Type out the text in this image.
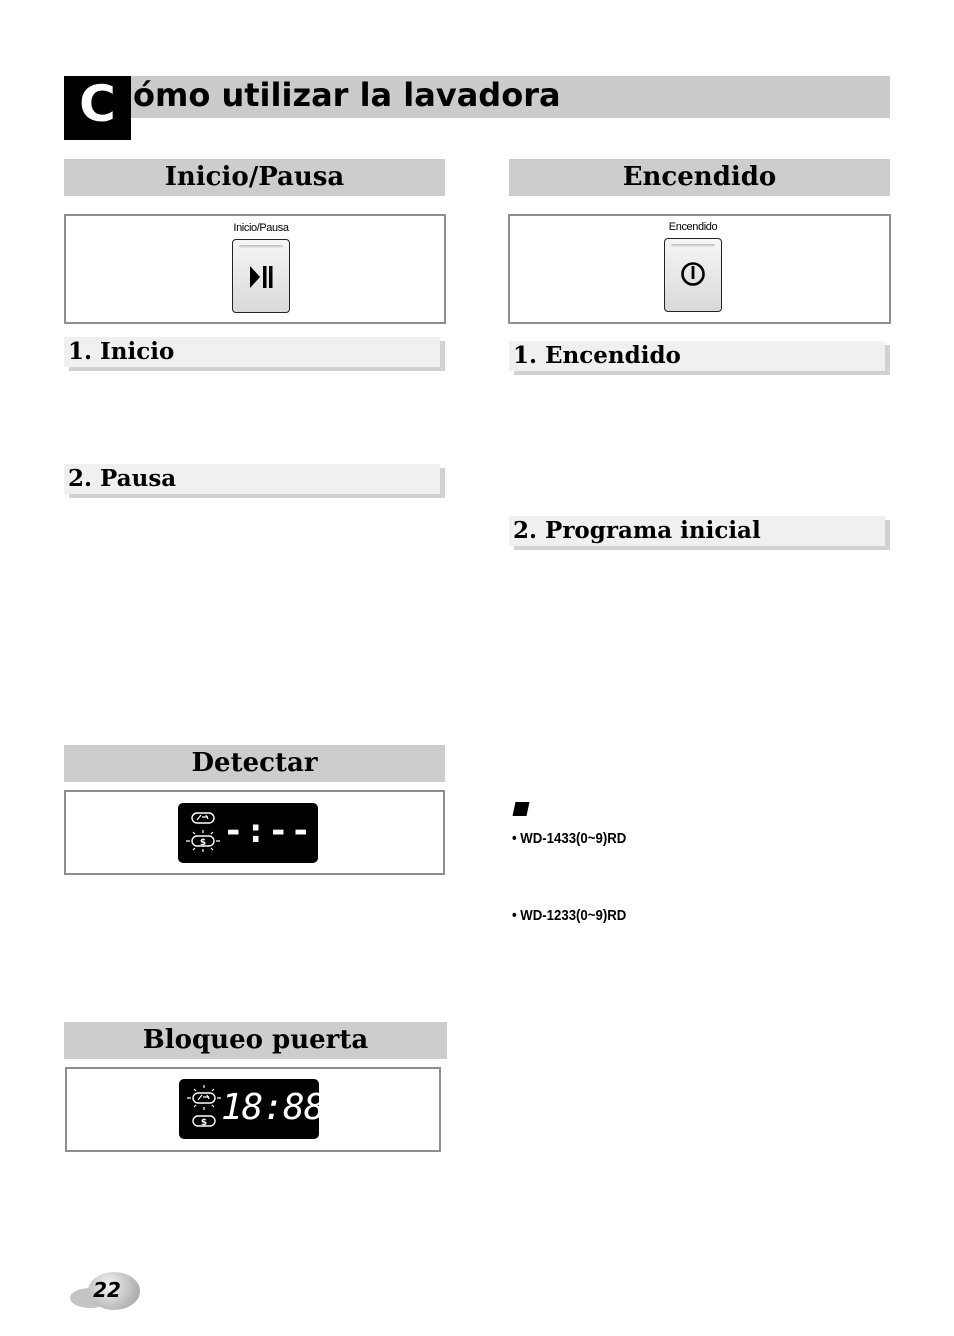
C ómo utilizar la lavadora
Inicio/Pausa
Inicio/Pausa
1. Inicio
2. Pausa
Encendido
Encendido
1. Encendido
2. Programa inicial
Detectar
$ -:--
Bloqueo puerta
$ 18:88
• WD-1433(0~9)RD
• WD-1233(0~9)RD
22
